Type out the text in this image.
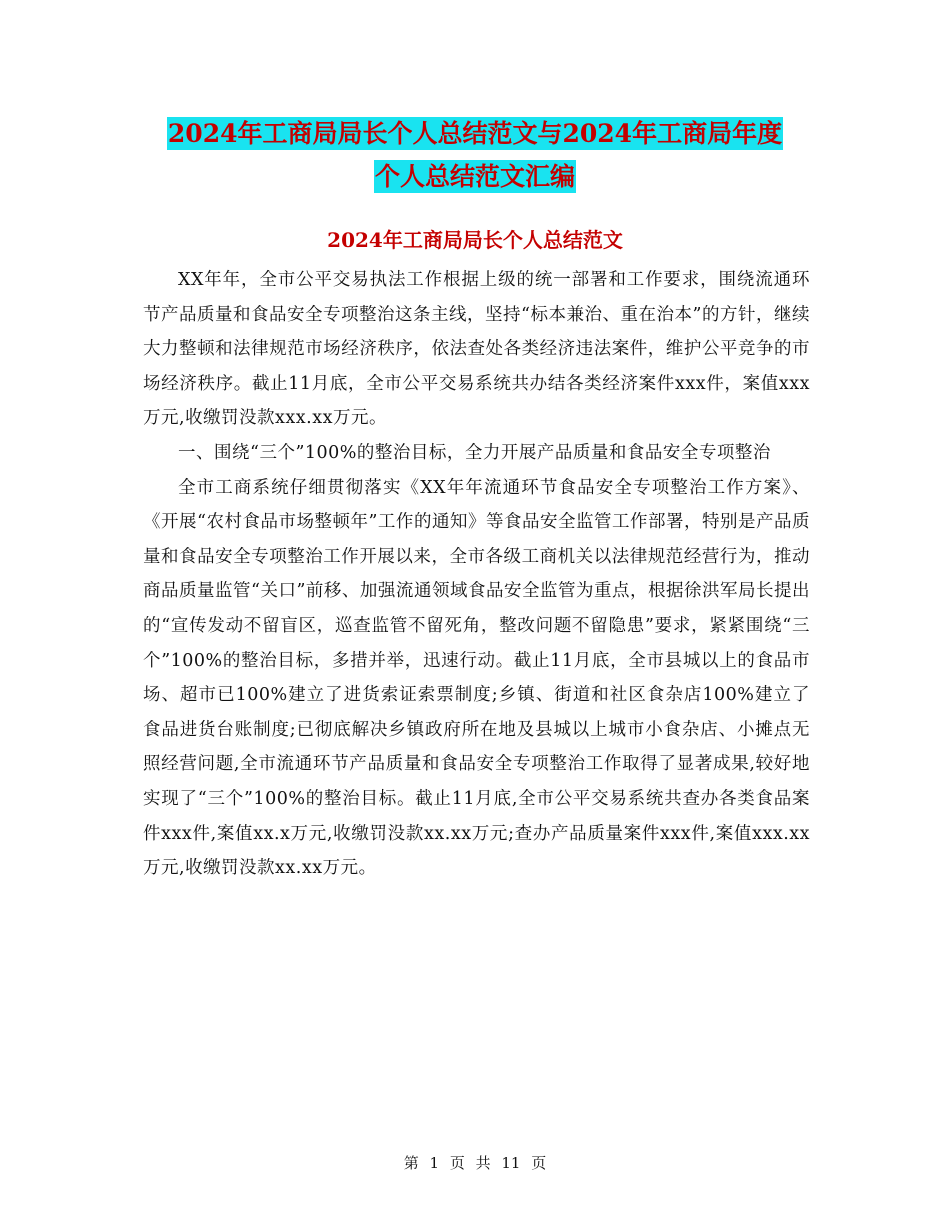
2024年工商局局长个人总结范文与2024年工商局年度
个人总结范文汇编
2024年工商局局长个人总结范文

XX年年，全市公平交易执法工作根据上级的统一部署和工作要求，围绕流通环节产品质量和食品安全专项整治这条主线，坚持“标本兼治、重在治本”的方针，继续大力整顿和法律规范市场经济秩序，依法查处各类经济违法案件，维护公平竞争的市场经济秩序。截止11月底，全市公平交易系统共办结各类经济案件xxx件，案值xxx万元,收缴罚没款xxx.xx万元。

一、围绕“三个”100%的整治目标，全力开展产品质量和食品安全专项整治

全市工商系统仔细贯彻落实《XX年年流通环节食品安全专项整治工作方案》、《开展“农村食品市场整顿年”工作的通知》等食品安全监管工作部署，特别是产品质量和食品安全专项整治工作开展以来，全市各级工商机关以法律规范经营行为，推动商品质量监管“关口”前移、加强流通领域食品安全监管为重点，根据徐洪军局长提出的“宣传发动不留盲区，巡查监管不留死角，整改问题不留隐患”要求，紧紧围绕“三个”100%的整治目标，多措并举，迅速行动。截止11月底，全市县城以上的食品市场、超市已100%建立了进货索证索票制度;乡镇、街道和社区食杂店100%建立了食品进货台账制度;已彻底解决乡镇政府所在地及县城以上城市小食杂店、小摊点无照经营问题,全市流通环节产品质量和食品安全专项整治工作取得了显著成果,较好地实现了“三个”100%的整治目标。截止11月底,全市公平交易系统共查办各类食品案件xxx件,案值xx.x万元,收缴罚没款xx.xx万元;查办产品质量案件xxx件,案值xxx.xx万元,收缴罚没款xx.xx万元。

第 1 页 共 11 页
